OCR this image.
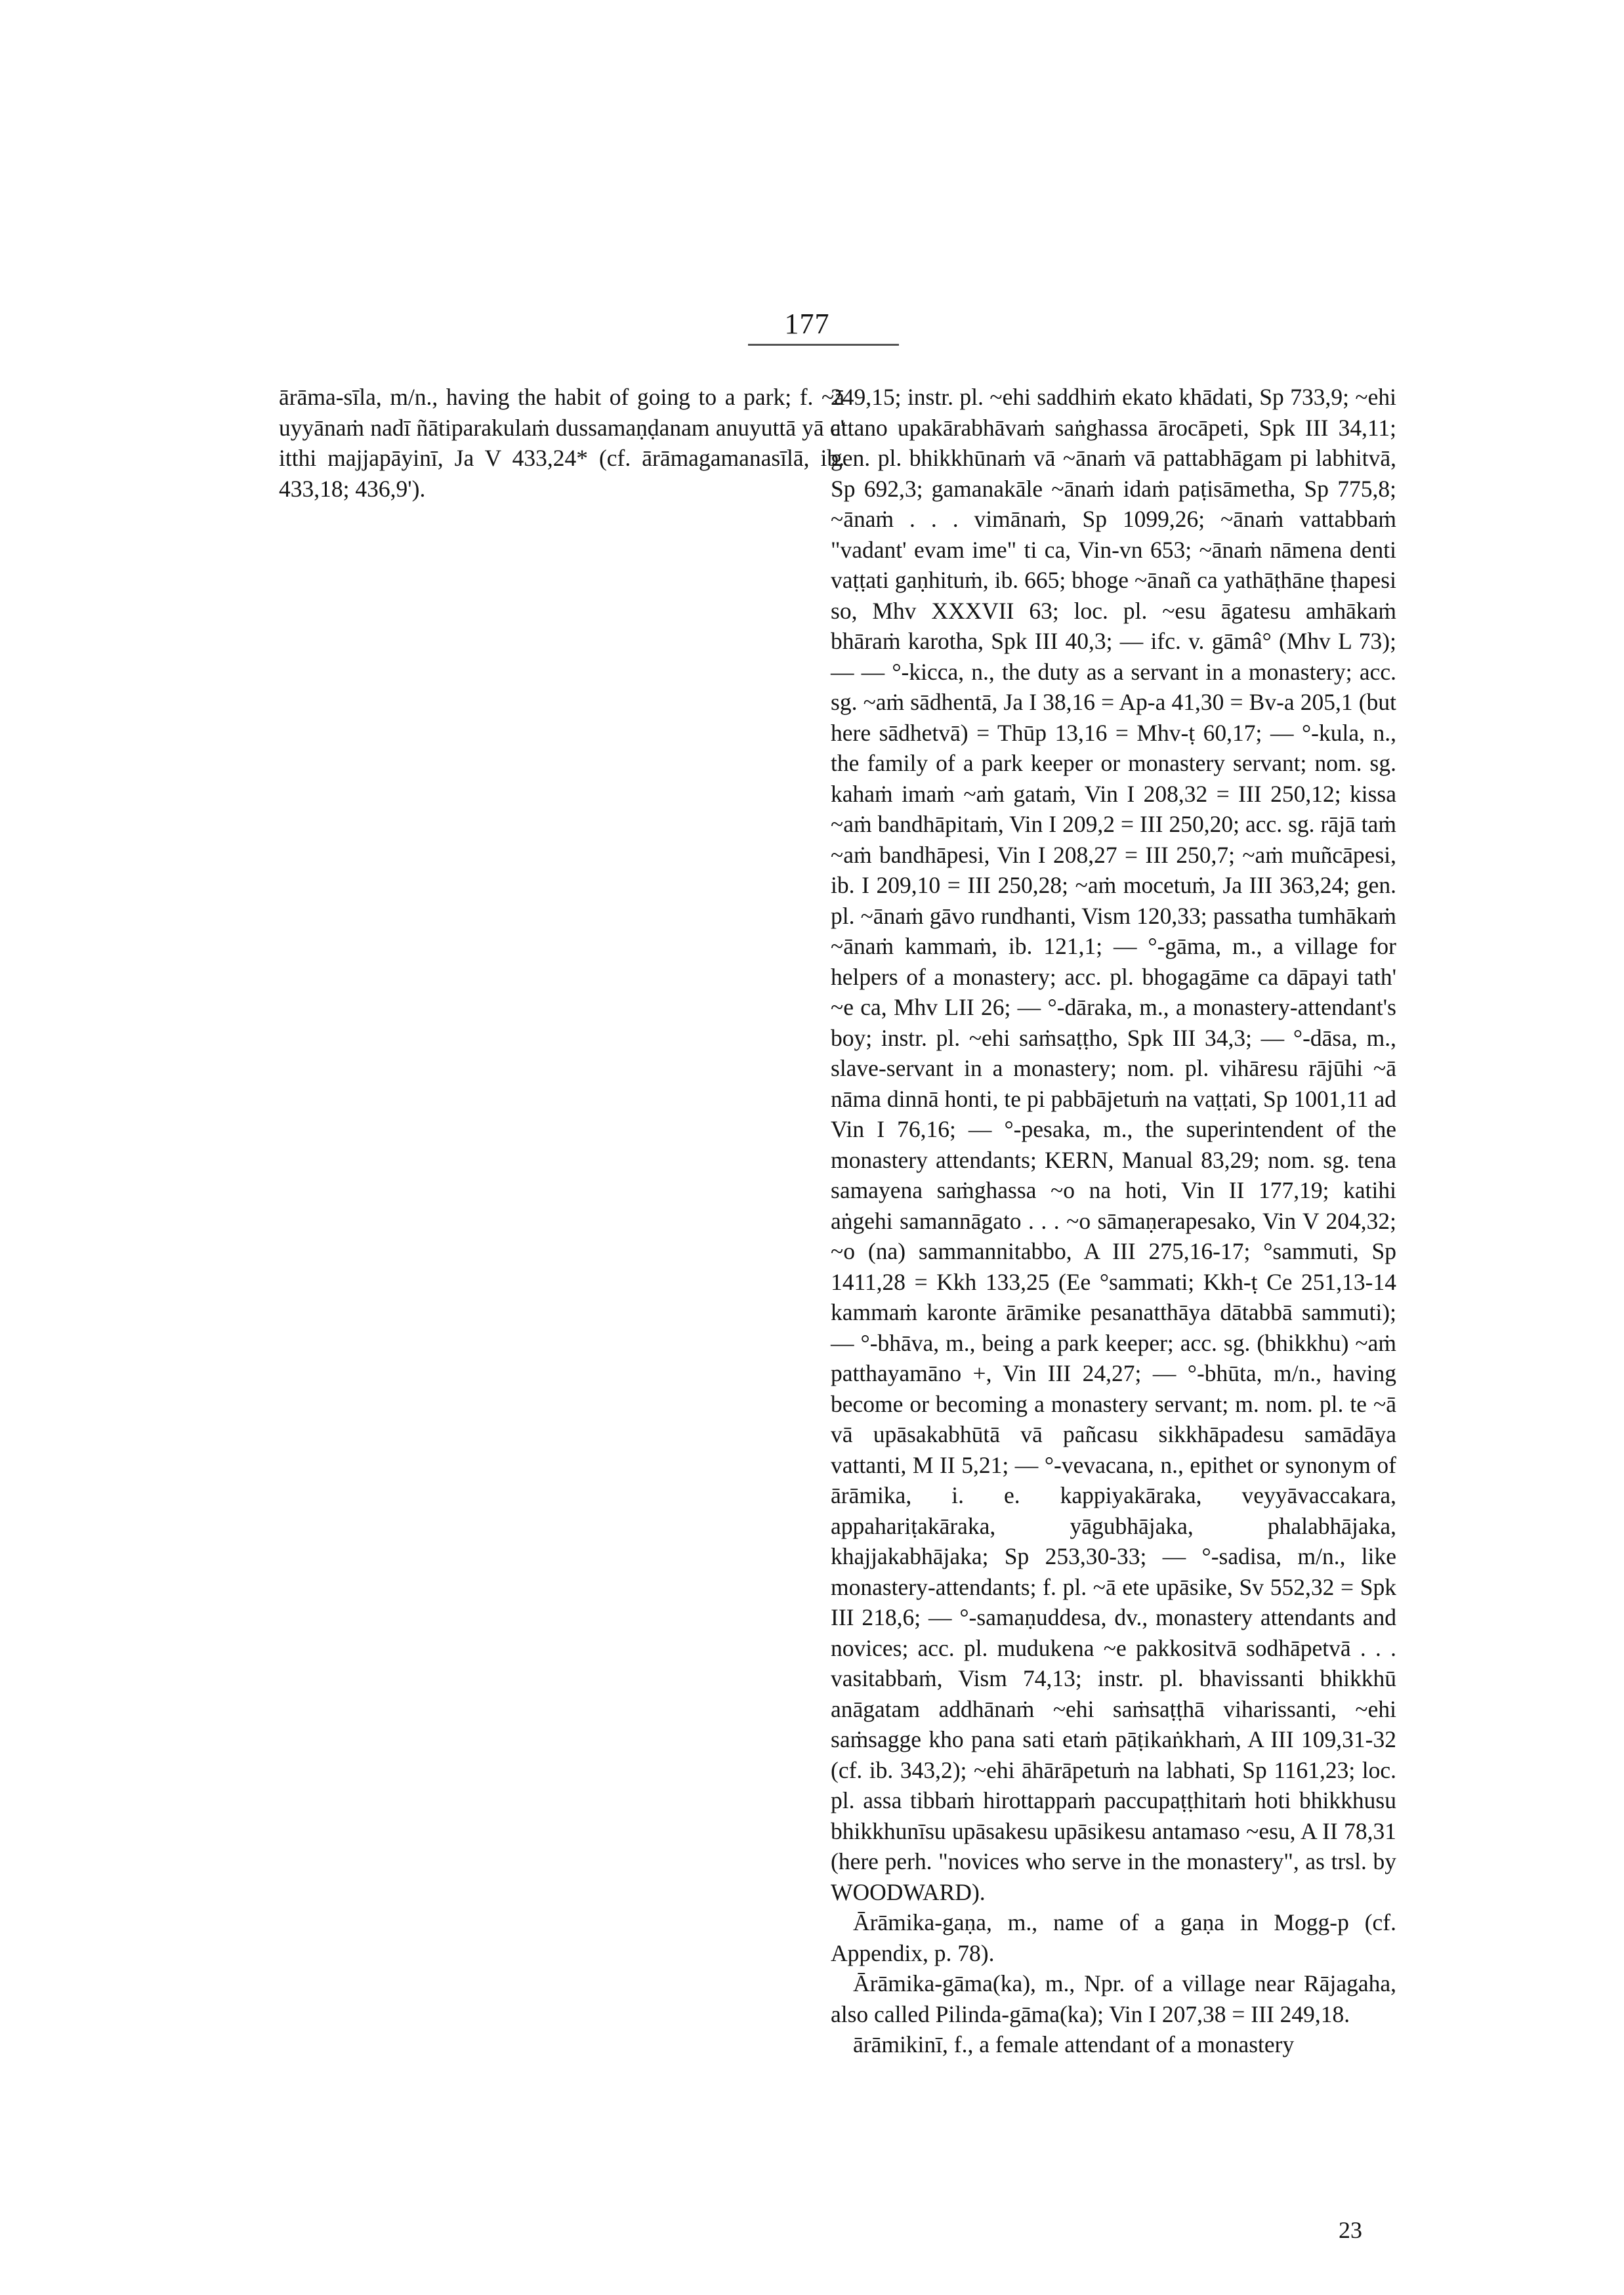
177

ārāma-sīla, m/n., having the habit of going to a park; f. ~ā uyyānaṁ nadī ñātiparakulaṁ dussamaṇḍanam anuyuttā yā c' itthi majjapāyinī, Ja V 433,24* (cf. ārāmagamanasīlā, ib. 433,18; 436,9').

249,15; instr. pl. ~ehi saddhiṁ ekato khādati, Sp 733,9; ~ehi attano upakārabhāvaṁ saṅghassa ārocāpeti, Spk III 34,11; gen. pl. bhikkhūnaṁ vā ~ānaṁ vā pattabhāgam pi labhitvā, Sp 692,3; gamanakāle ~ānaṁ idaṁ paṭisāmetha, Sp 775,8; ~ānaṁ . . . vimānaṁ, Sp 1099,26; ~ānaṁ vattabbaṁ "vadant' evam ime" ti ca, Vin-vn 653; ~ānaṁ nāmena denti vaṭṭati gaṇhituṁ, ib. 665; bhoge ~ānañ ca yathāṭhāne ṭhapesi so, Mhv XXXVII 63; loc. pl. ~esu āgatesu amhākaṁ bhāraṁ karotha, Spk III 40,3; — ifc. v. gāmâ° (Mhv L 73); — — °-kicca, n., the duty as a servant in a monastery; acc. sg. ~aṁ sādhentā, Ja I 38,16 = Ap-a 41,30 = Bv-a 205,1 (but here sādhetvā) = Thūp 13,16 = Mhv-ṭ 60,17; — °-kula, n., the family of a park keeper or monastery servant; nom. sg. kahaṁ imaṁ ~aṁ gataṁ, Vin I 208,32 = III 250,12; kissa ~aṁ bandhāpitaṁ, Vin I 209,2 = III 250,20; acc. sg. rājā taṁ ~aṁ bandhāpesi, Vin I 208,27 = III 250,7; ~aṁ muñcāpesi, ib. I 209,10 = III 250,28; ~aṁ mocetuṁ, Ja III 363,24; gen. pl. ~ānaṁ gāvo rundhanti, Vism 120,33; passatha tumhākaṁ ~ānaṁ kammaṁ, ib. 121,1; — °-gāma, m., a village for helpers of a monastery; acc. pl. bhogagāme ca dāpayi tath' ~e ca, Mhv LII 26; — °-dāraka, m., a monastery-attendant's boy; instr. pl. ~ehi saṁsaṭṭho, Spk III 34,3; — °-dāsa, m., slave-servant in a monastery; nom. pl. vihāresu rājūhi ~ā nāma dinnā honti, te pi pabbājetuṁ na vaṭṭati, Sp 1001,11 ad Vin I 76,16; — °-pesaka, m., the superintendent of the monastery attendants; KERN, Manual 83,29; nom. sg. tena samayena saṁghassa ~o na hoti, Vin II 177,19; katihi aṅgehi samannāgato . . . ~o sāmaṇerapesako, Vin V 204,32; ~o (na) sammannitabbo, A III 275,16-17; °sammuti, Sp 1411,28 = Kkh 133,25 (Ee °sammati; Kkh-ṭ Ce 251,13-14 kammaṁ karonte ārāmike pesanatthāya dātabbā sammuti); — °-bhāva, m., being a park keeper; acc. sg. (bhikkhu) ~aṁ patthayamāno +, Vin III 24,27; — °-bhūta, m/n., having become or becoming a monastery servant; m. nom. pl. te ~ā vā upāsakabhūtā vā pañcasu sikkhāpadesu samādāya vattanti, M II 5,21; — °-vevacana, n., epithet or synonym of ārāmika, i. e. kappiyakāraka, veyyāvaccakara, appahariṭakāraka, yāgubhājaka, phalabhājaka, khajjakabhājaka; Sp 253,30-33; — °-sadisa, m/n., like monastery-attendants; f. pl. ~ā ete upāsike, Sv 552,32 = Spk III 218,6; — °-samaṇuddesa, dv., monastery attendants and novices; acc. pl. mudukena ~e pakkositvā sodhāpetvā . . . vasitabbaṁ, Vism 74,13; instr. pl. bhavissanti bhikkhū anāgatam addhānaṁ ~ehi saṁsaṭṭhā viharissanti, ~ehi saṁsagge kho pana sati etaṁ pāṭikaṅkhaṁ, A III 109,31-32 (cf. ib. 343,2); ~ehi āhārāpetuṁ na labhati, Sp 1161,23; loc. pl. assa tibbaṁ hirottappaṁ paccupaṭṭhitaṁ hoti bhikkhusu bhikkhunīsu upāsakesu upāsikesu antamaso ~esu, A II 78,31 (here perh. "novices who serve in the monastery", as trsl. by WOODWARD).

Ārāmika-gaṇa, m., name of a gaṇa in Mogg-p (cf. Appendix, p. 78).

Ārāmika-gāma(ka), m., Npr. of a village near Rājagaha, also called Pilinda-gāma(ka); Vin I 207,38 = III 249,18.

ārāmikinī, f., a female attendant of a monastery

23
